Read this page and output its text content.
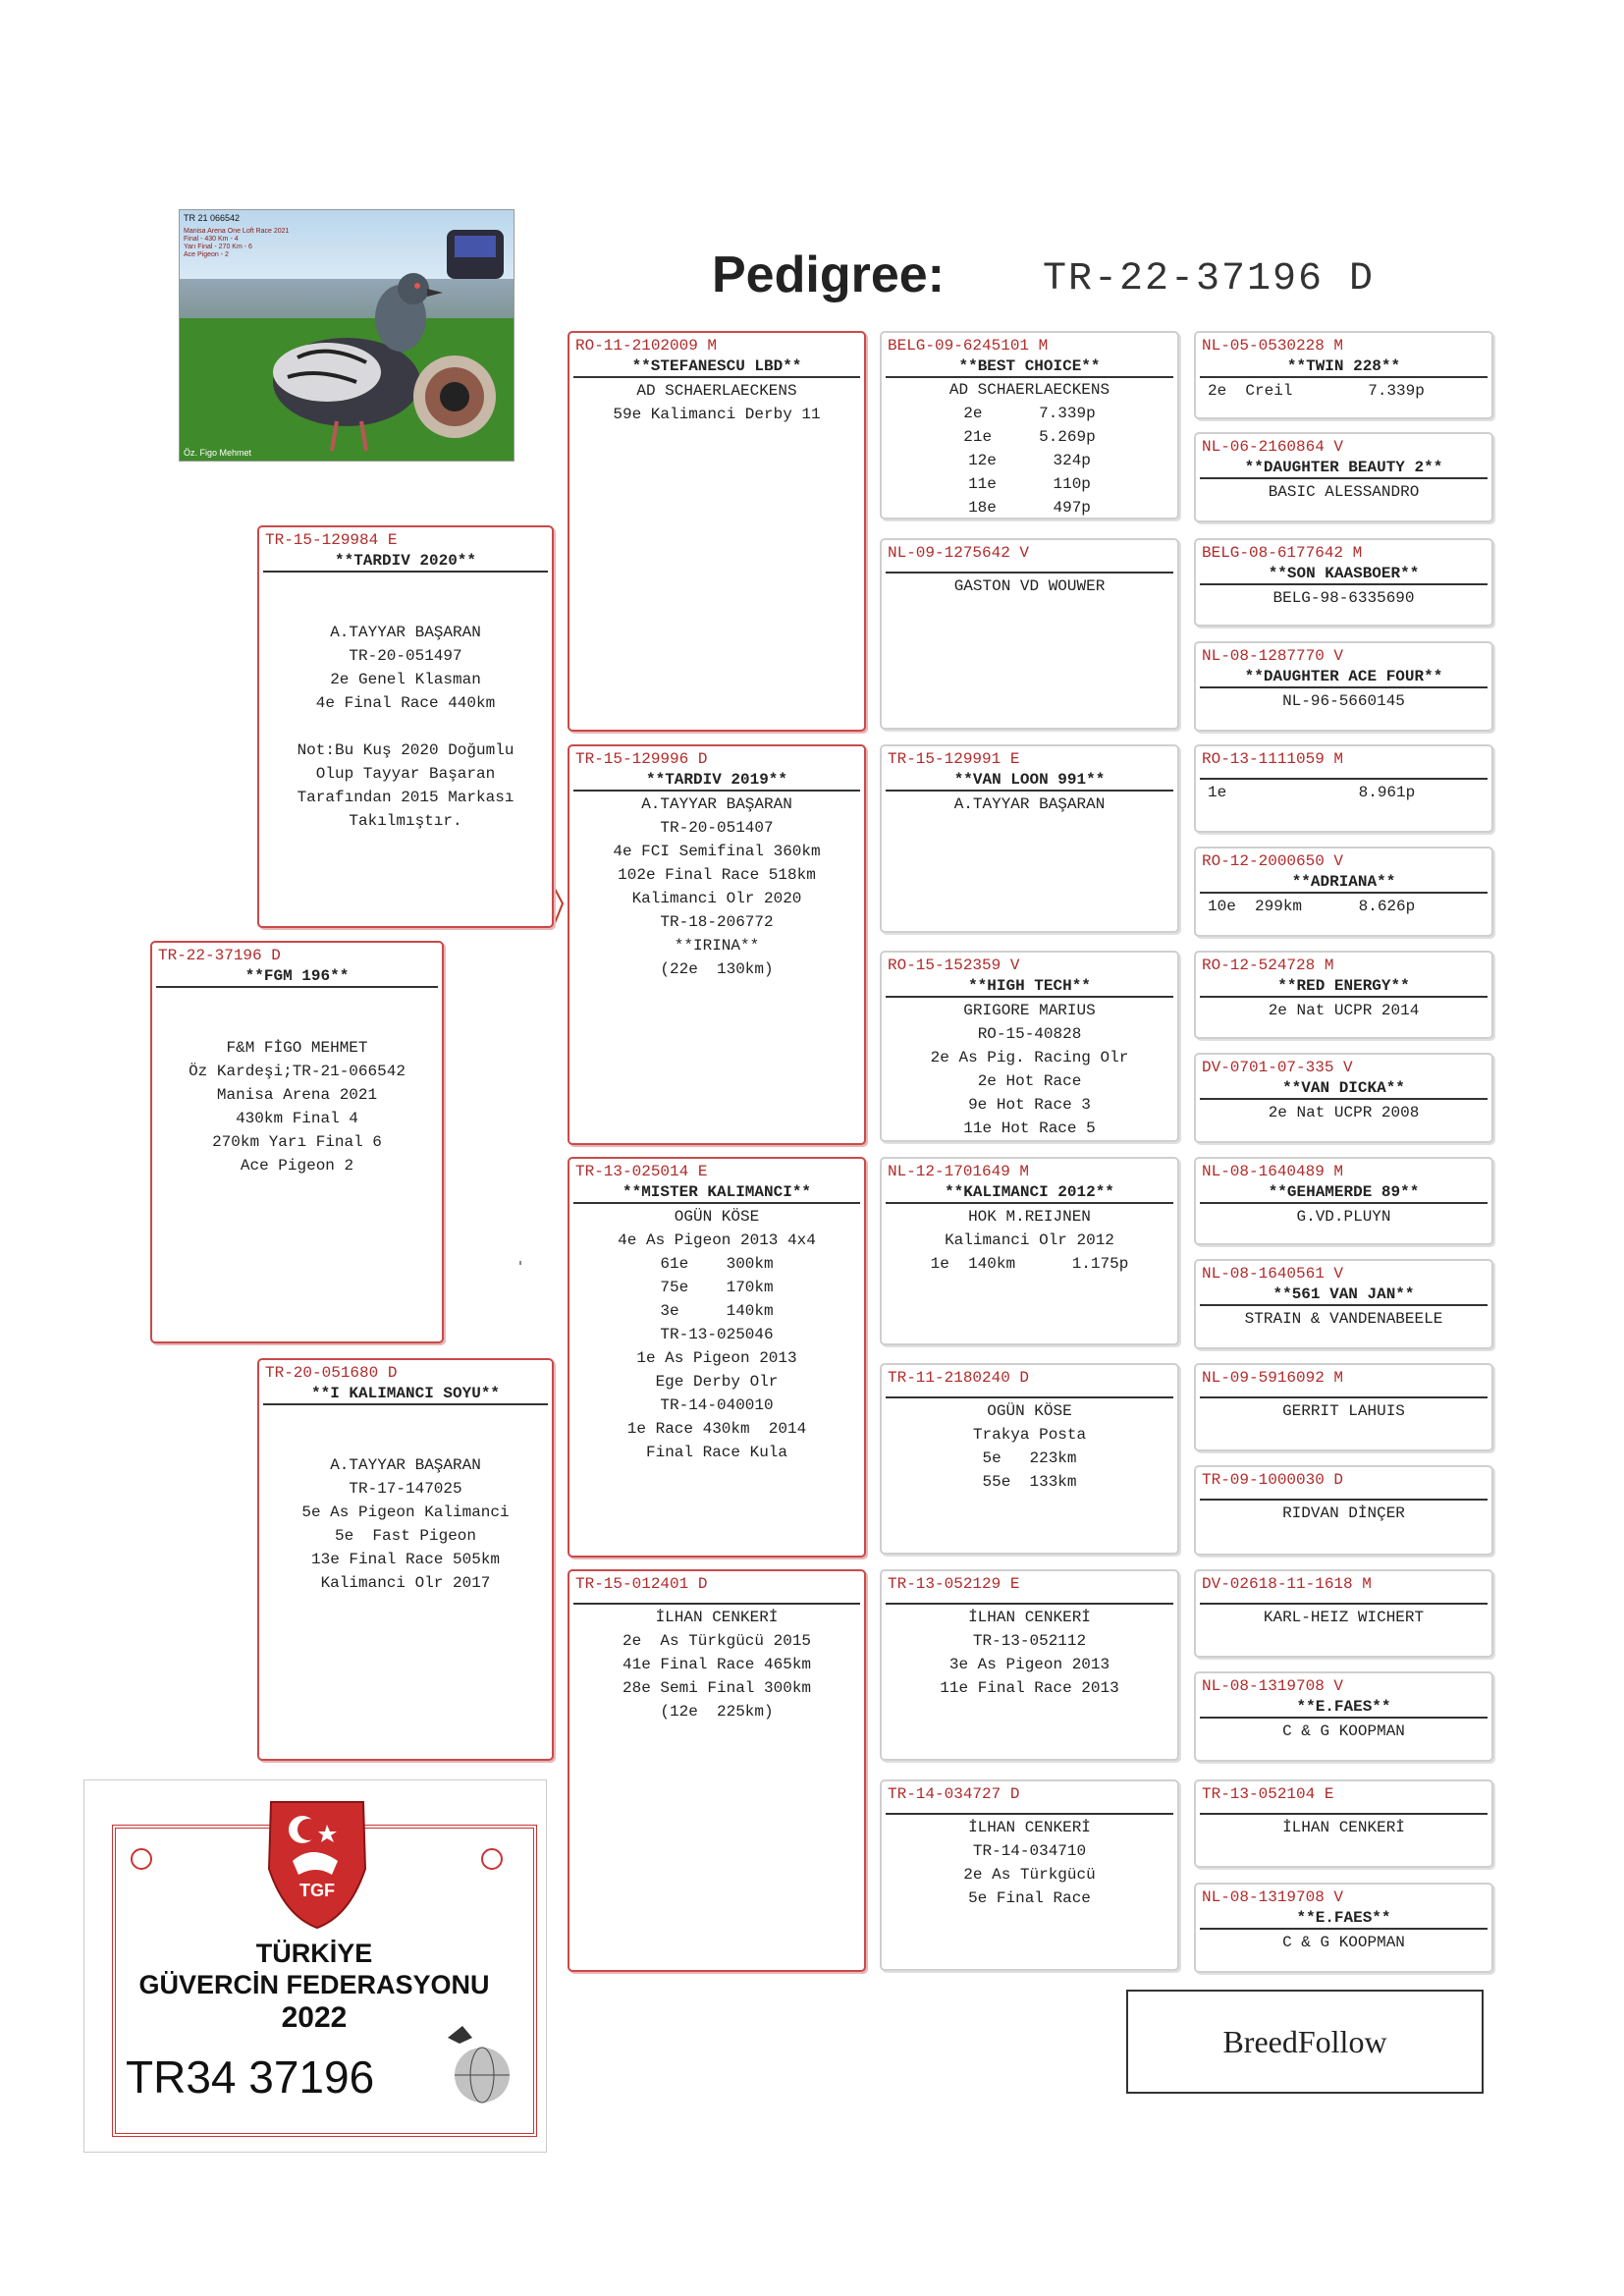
Pedigree:	TR-22-37196 D
TR 21 066542
Manisa Arena One Loft Race 2021
Final - 430 Km - 4
Yarı Final - 270 Km - 6
Ace Pigeon - 2
Öz. Figo Mehmet
TR-22-37196 D
**FGM 196**

F&M FİGO MEHMET
Öz Kardeşi;TR-21-066542
Manisa Arena 2021
430km Final 4
270km Yarı Final 6
Ace Pigeon 2

TR-15-129984 E
**TARDIV 2020**

A.TAYYAR BAŞARAN
TR-20-051497
2e Genel Klasman
4e Final Race 440km
Not:Bu Kuş 2020 Doğumlu
Olup Tayyar Başaran
Tarafından 2015 Markası
Takılmıştır.

TR-20-051680 D
**I KALIMANCI SOYU**

A.TAYYAR BAŞARAN
TR-17-147025
5e As Pigeon Kalimanci
5e  Fast Pigeon
13e Final Race 505km
Kalimanci Olr 2017

RO-11-2102009 M
**STEFANESCU LBD**
AD SCHAERLAECKENS
59e Kalimanci Derby 11
TR-15-129996 D
**TARDIV 2019**
A.TAYYAR BAŞARAN
TR-20-051407
4e FCI Semifinal 360km
102e Final Race 518km
Kalimanci Olr 2020
TR-18-206772
**IRINA**
(22e  130km)
TR-13-025014 E
**MISTER KALIMANCI**
OGÜN KÖSE
4e As Pigeon 2013 4x4
61e    300km
75e    170km
3e     140km
TR-13-025046
1e As Pigeon 2013
Ege Derby Olr
TR-14-040010
1e Race 430km  2014
Final Race Kula
TR-15-012401 D
İLHAN CENKERİ
2e  As Türkgücü 2015
41e Final Race 465km
28e Semi Final 300km
(12e  225km)
BELG-09-6245101 M
**BEST CHOICE**
AD SCHAERLAECKENS
2e      7.339p
21e     5.269p
12e      324p
11e      110p
18e      497p
NL-09-1275642 V
GASTON VD WOUWER
TR-15-129991 E
**VAN LOON 991**
A.TAYYAR BAŞARAN
RO-15-152359 V
**HIGH TECH**
GRIGORE MARIUS
RO-15-40828
2e As Pig. Racing Olr
2e Hot Race
9e Hot Race 3
11e Hot Race 5
NL-12-1701649 M
**KALIMANCI 2012**
HOK M.REIJNEN
Kalimanci Olr 2012
1e  140km      1.175p
TR-11-2180240 D
OGÜN KÖSE
Trakya Posta
5e   223km
55e  133km
TR-13-052129 E
İLHAN CENKERİ
TR-13-052112
3e As Pigeon 2013
11e Final Race 2013
TR-14-034727 D
İLHAN CENKERİ
TR-14-034710
2e As Türkgücü
5e Final Race
NL-05-0530228 M
**TWIN 228**
2e  Creil        7.339p
NL-06-2160864 V
**DAUGHTER BEAUTY 2**
BASIC ALESSANDRO
BELG-08-6177642 M
**SON KAASBOER**
BELG-98-6335690
NL-08-1287770 V
**DAUGHTER ACE FOUR**
NL-96-5660145
RO-13-1111059 M
1e              8.961p
RO-12-2000650 V
**ADRIANA**
10e  299km      8.626p
RO-12-524728 M
**RED ENERGY**
2e Nat UCPR 2014
DV-0701-07-335 V
**VAN DICKA**
2e Nat UCPR 2008
NL-08-1640489 M
**GEHAMERDE 89**
G.VD.PLUYN
NL-08-1640561 V
**561 VAN JAN**
STRAIN & VANDENABEELE
NL-09-5916092 M
GERRIT LAHUIS
TR-09-1000030 D
RIDVAN DİNÇER
DV-02618-11-1618 M
KARL-HEIZ WICHERT
NL-08-1319708 V
**E.FAES**
C & G KOOPMAN
TR-13-052104 E
İLHAN CENKERİ
NL-08-1319708 V
**E.FAES**
C & G KOOPMAN
TGF
TÜRKİYE
GÜVERCİN FEDERASYONU
2022
TR34 37196
BreedFollow
